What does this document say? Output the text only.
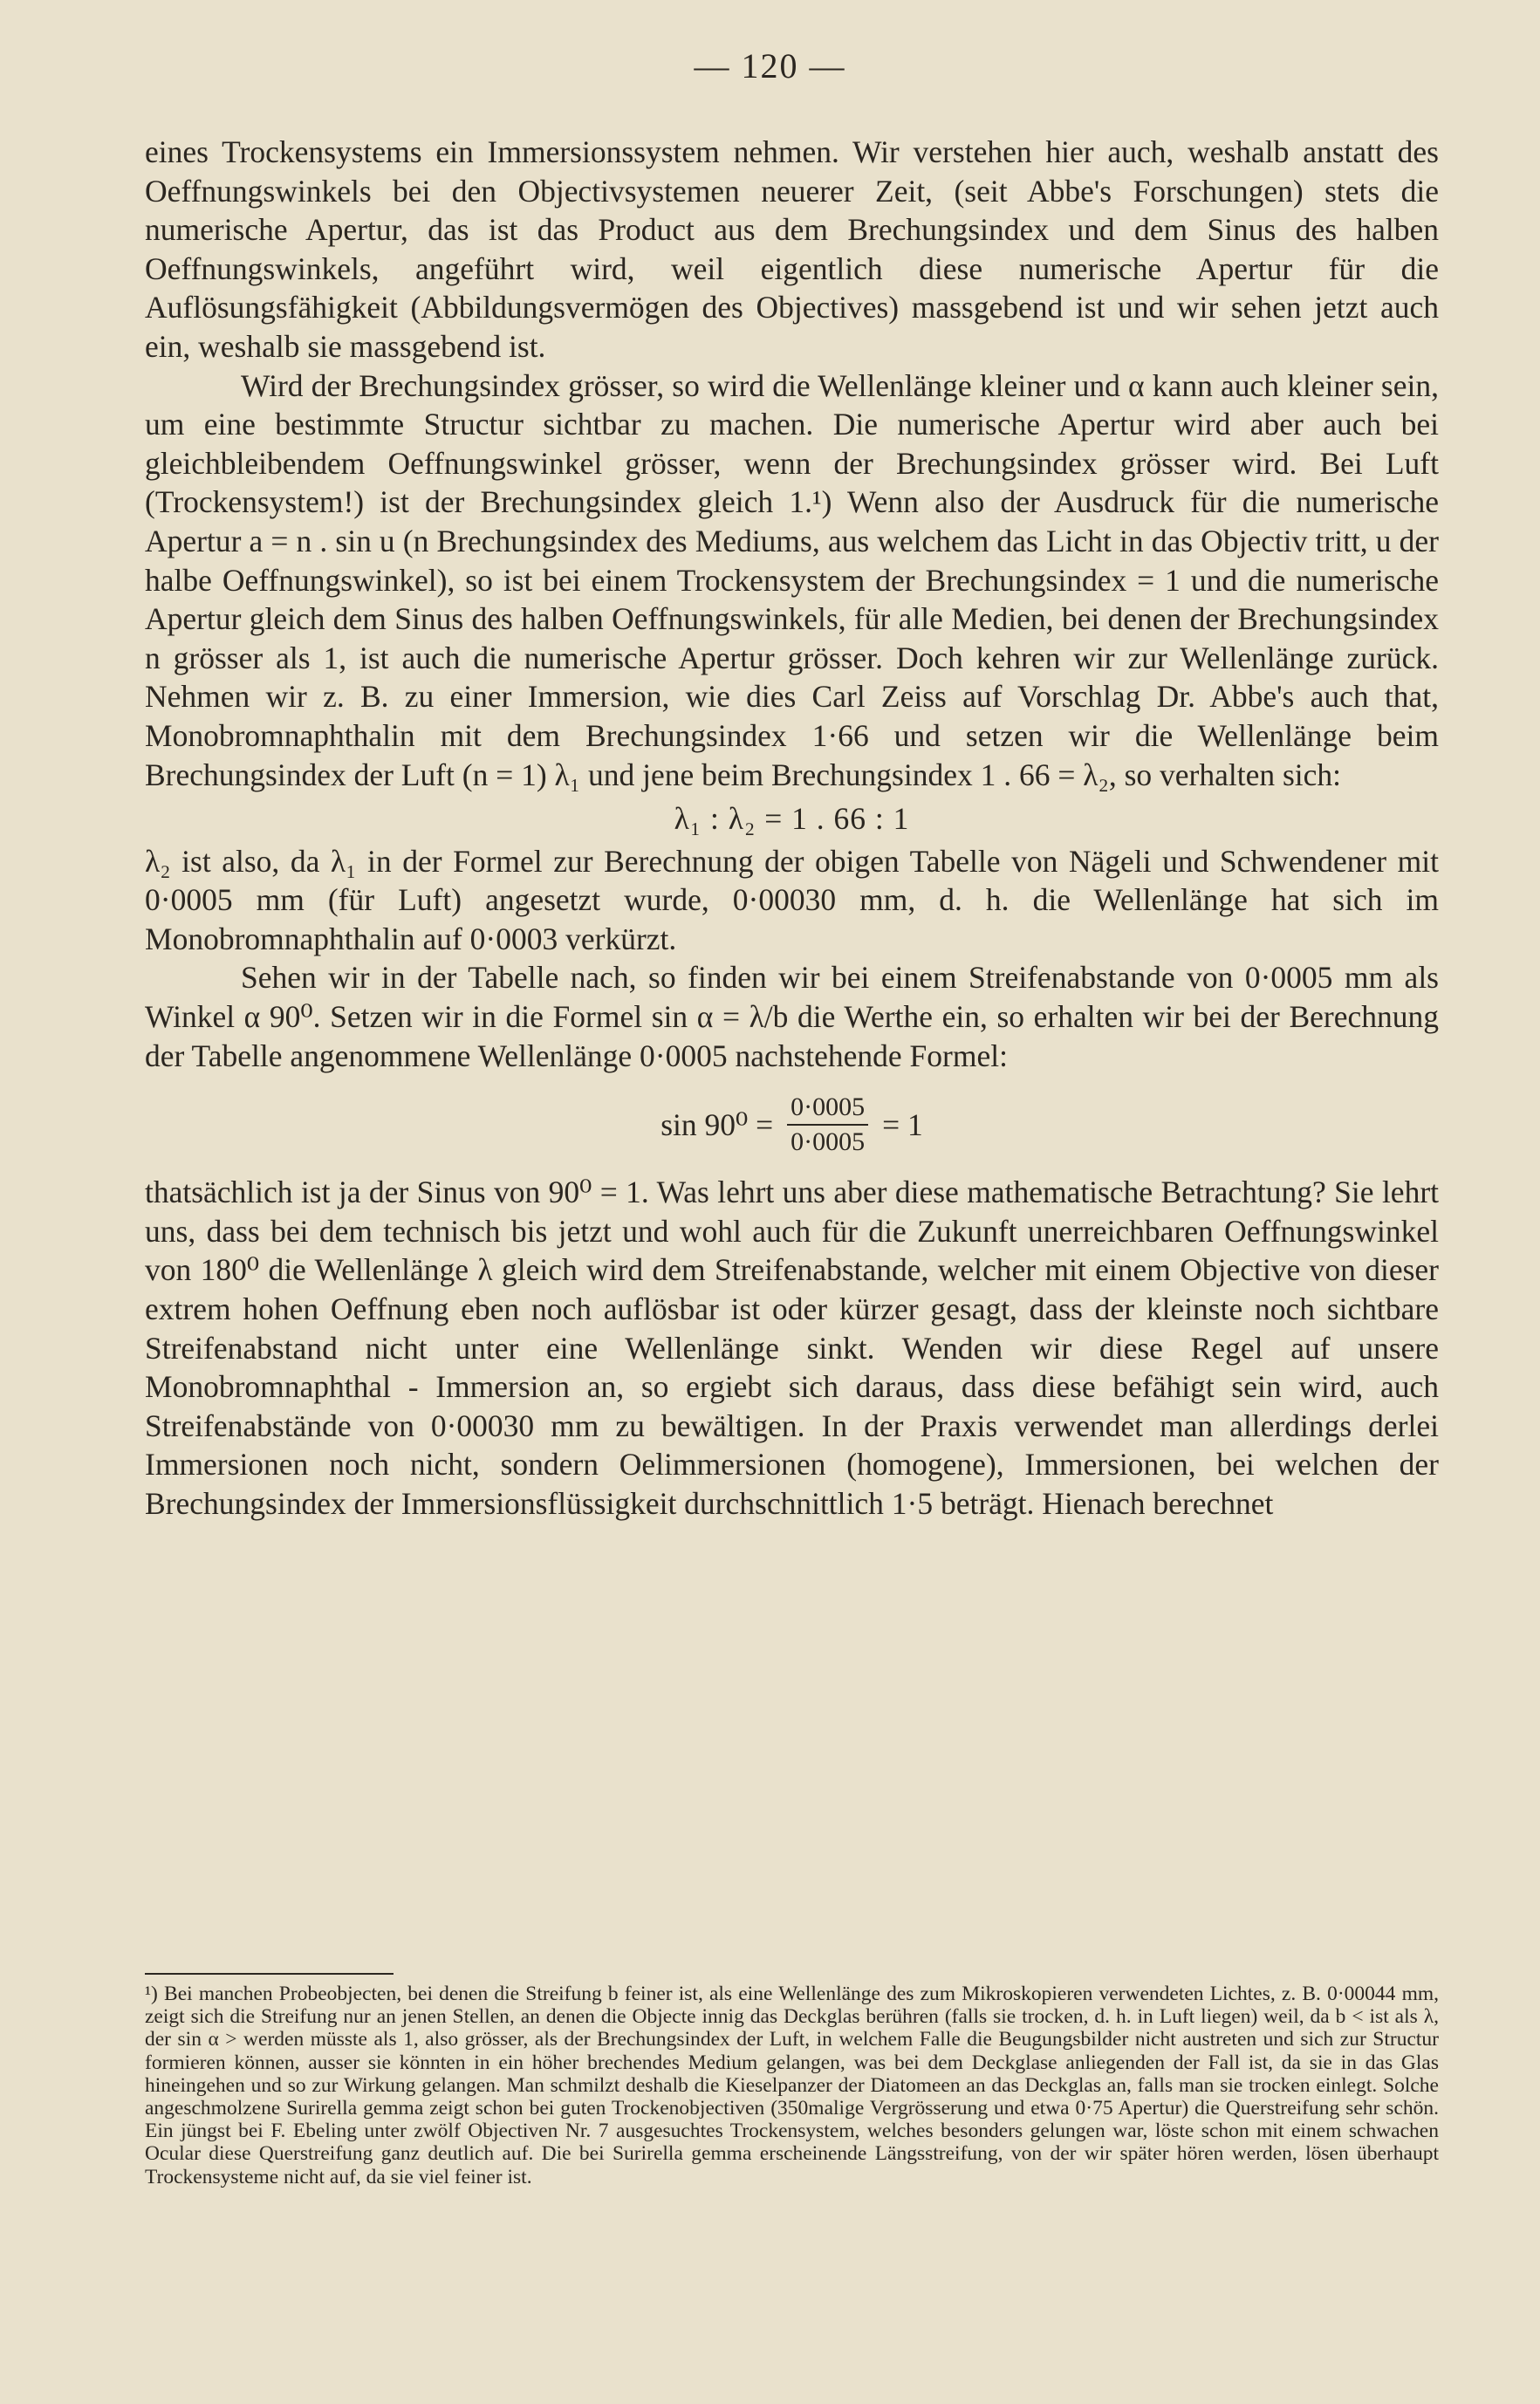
— 120 —

eines Trockensystems ein Immersionssystem nehmen. Wir verstehen hier auch, weshalb anstatt des Oeffnungswinkels bei den Objectivsystemen neuerer Zeit, (seit Abbe's Forschungen) stets die numerische Apertur, das ist das Product aus dem Brechungsindex und dem Sinus des halben Oeffnungswinkels, angeführt wird, weil eigentlich diese numerische Apertur für die Auflösungsfähigkeit (Abbildungsvermögen des Objectives) massgebend ist und wir sehen jetzt auch ein, weshalb sie massgebend ist.

Wird der Brechungsindex grösser, so wird die Wellenlänge kleiner und α kann auch kleiner sein, um eine bestimmte Structur sichtbar zu machen. Die numerische Apertur wird aber auch bei gleichbleibendem Oeffnungswinkel grösser, wenn der Brechungsindex grösser wird. Bei Luft (Trockensystem!) ist der Brechungsindex gleich 1.¹) Wenn also der Ausdruck für die numerische Apertur a = n . sin u (n Brechungsindex des Mediums, aus welchem das Licht in das Objectiv tritt, u der halbe Oeffnungswinkel), so ist bei einem Trockensystem der Brechungsindex = 1 und die numerische Apertur gleich dem Sinus des halben Oeffnungswinkels, für alle Medien, bei denen der Brechungsindex n grösser als 1, ist auch die numerische Apertur grösser. Doch kehren wir zur Wellenlänge zurück. Nehmen wir z. B. zu einer Immersion, wie dies Carl Zeiss auf Vorschlag Dr. Abbe's auch that, Monobromnaphthalin mit dem Brechungsindex 1·66 und setzen wir die Wellenlänge beim Brechungsindex der Luft (n = 1) λ₁ und jene beim Brechungsindex 1 . 66 = λ₂, so verhalten sich:

λ₁ : λ₂ = 1 . 66 : 1

λ₂ ist also, da λ₁ in der Formel zur Berechnung der obigen Tabelle von Nägeli und Schwendener mit 0·0005 mm (für Luft) angesetzt wurde, 0·00030 mm, d. h. die Wellenlänge hat sich im Monobromnaphthalin auf 0·0003 verkürzt.

Sehen wir in der Tabelle nach, so finden wir bei einem Streifenabstande von 0·0005 mm als Winkel α 90⁰. Setzen wir in die Formel sin α = λ/b die Werthe ein, so erhalten wir bei der Berechnung der Tabelle angenommene Wellenlänge 0·0005 nachstehende Formel:

$\sin 90^0 = \frac{0\cdot 0005}{0\cdot 0005} = 1$

thatsächlich ist ja der Sinus von 90⁰ = 1. Was lehrt uns aber diese mathematische Betrachtung? Sie lehrt uns, dass bei dem technisch bis jetzt und wohl auch für die Zukunft unerreichbaren Oeffnungswinkel von 180⁰ die Wellenlänge λ gleich wird dem Streifenabstande, welcher mit einem Objective von dieser extrem hohen Oeffnung eben noch auflösbar ist oder kürzer gesagt, dass der kleinste noch sichtbare Streifenabstand nicht unter eine Wellenlänge sinkt. Wenden wir diese Regel auf unsere Monobromnaphthal - Immersion an, so ergiebt sich daraus, dass diese befähigt sein wird, auch Streifenabstände von 0·00030 mm zu bewältigen. In der Praxis verwendet man allerdings derlei Immersionen noch nicht, sondern Oelimmersionen (homogene), Immersionen, bei welchen der Brechungsindex der Immersionsflüssigkeit durchschnittlich 1·5 beträgt. Hienach berechnet

¹) Bei manchen Probeobjecten, bei denen die Streifung b feiner ist, als eine Wellenlänge des zum Mikroskopieren verwendeten Lichtes, z. B. 0·00044 mm, zeigt sich die Streifung nur an jenen Stellen, an denen die Objecte innig das Deckglas berühren (falls sie trocken, d. h. in Luft liegen) weil, da b < ist als λ, der sin α > werden müsste als 1, also grösser, als der Brechungsindex der Luft, in welchem Falle die Beugungsbilder nicht austreten und sich zur Structur formieren können, ausser sie könnten in ein höher brechendes Medium gelangen, was bei dem Deckglase anliegenden der Fall ist, da sie in das Glas hineingehen und so zur Wirkung gelangen. Man schmilzt deshalb die Kieselpanzer der Diatomeen an das Deckglas an, falls man sie trocken einlegt. Solche angeschmolzene Surirella gemma zeigt schon bei guten Trockenobjectiven (350malige Vergrösserung und etwa 0·75 Apertur) die Querstreifung sehr schön. Ein jüngst bei F. Ebeling unter zwölf Objectiven Nr. 7 ausgesuchtes Trockensystem, welches besonders gelungen war, löste schon mit einem schwachen Ocular diese Querstreifung ganz deutlich auf. Die bei Surirella gemma erscheinende Längsstreifung, von der wir später hören werden, lösen überhaupt Trockensysteme nicht auf, da sie viel feiner ist.
